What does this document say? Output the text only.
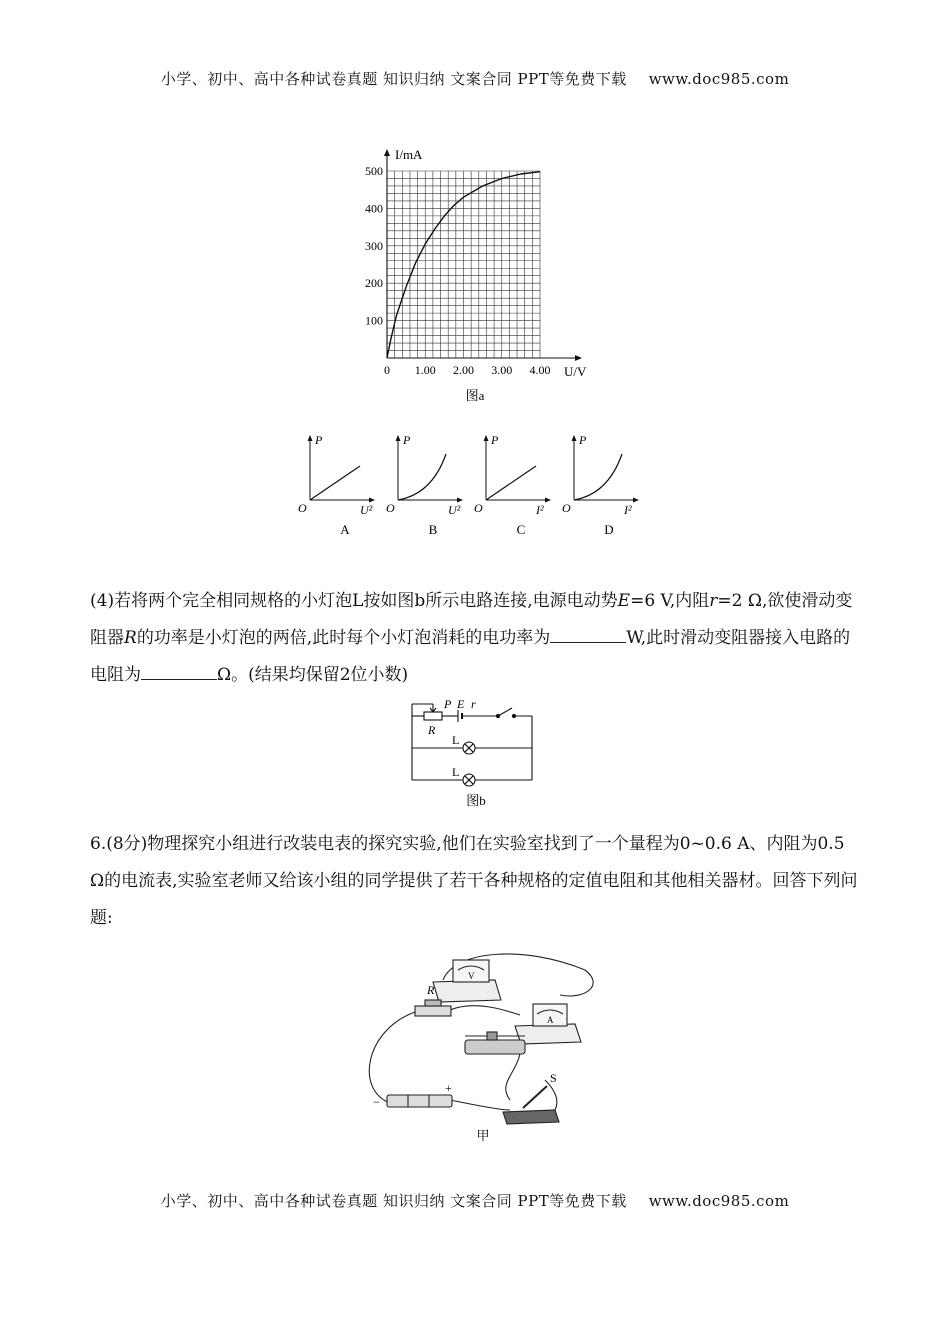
小学、初中、高中各种试卷真题 知识归纳 文案合同 PPT等免费下载 www.doc985.com
0 1.00 2.00 3.00 4.00
100
200
300
400
500
I/mA
U/V
图a
P
O	U²
A
P
O	U²
B
P
O	I²
C
P
O	I²
D
(4)若将两个完全相同规格的小灯泡L按如图b所示电路连接,电源电动势E=6 V,内阻r=2 Ω,欲使滑动变阻器R的功率是小灯泡的两倍,此时每个小灯泡消耗的电功率为	W,此时滑动变阻器接入电路的电阻为	Ω。(结果均保留2位小数)
P E r
R
L
L
图b
6.(8分)物理探究小组进行改装电表的探究实验,他们在实验室找到了一个量程为0~0.6 A、内阻为0.5 Ω的电流表,实验室老师又给该小组的同学提供了若干各种规格的定值电阻和其他相关器材。回答下列问题:
V
A
R
−
+
S
甲
小学、初中、高中各种试卷真题 知识归纳 文案合同 PPT等免费下载 www.doc985.com
